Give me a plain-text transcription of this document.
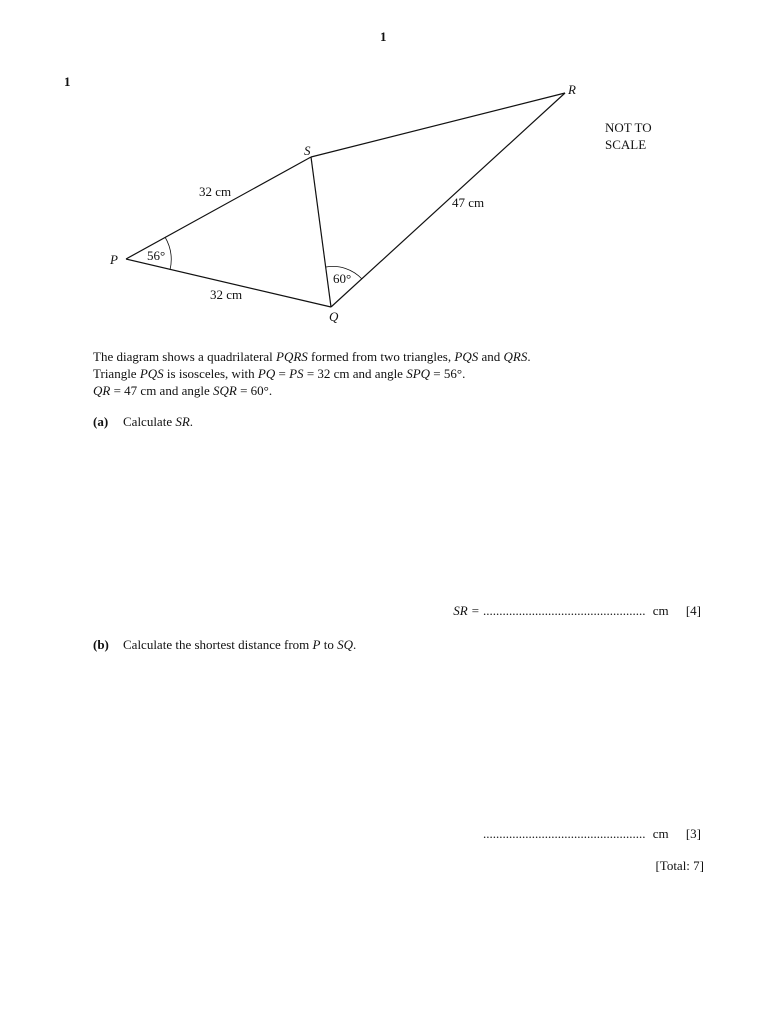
1
1
P
Q
R
S
32 cm
32 cm
47 cm
56°
60°
NOT TO
SCALE

The diagram shows a quadrilateral PQRS formed from two triangles, PQS and QRS.

Triangle PQS is isosceles, with PQ = PS = 32 cm and angle SPQ = 56°.

QR = 47 cm and angle SQR = 60°.

(a) Calculate SR.
SR = .................................................. cm [4]
(b) Calculate the shortest distance from P to SQ.
.................................................. cm [3]
[Total: 7]
